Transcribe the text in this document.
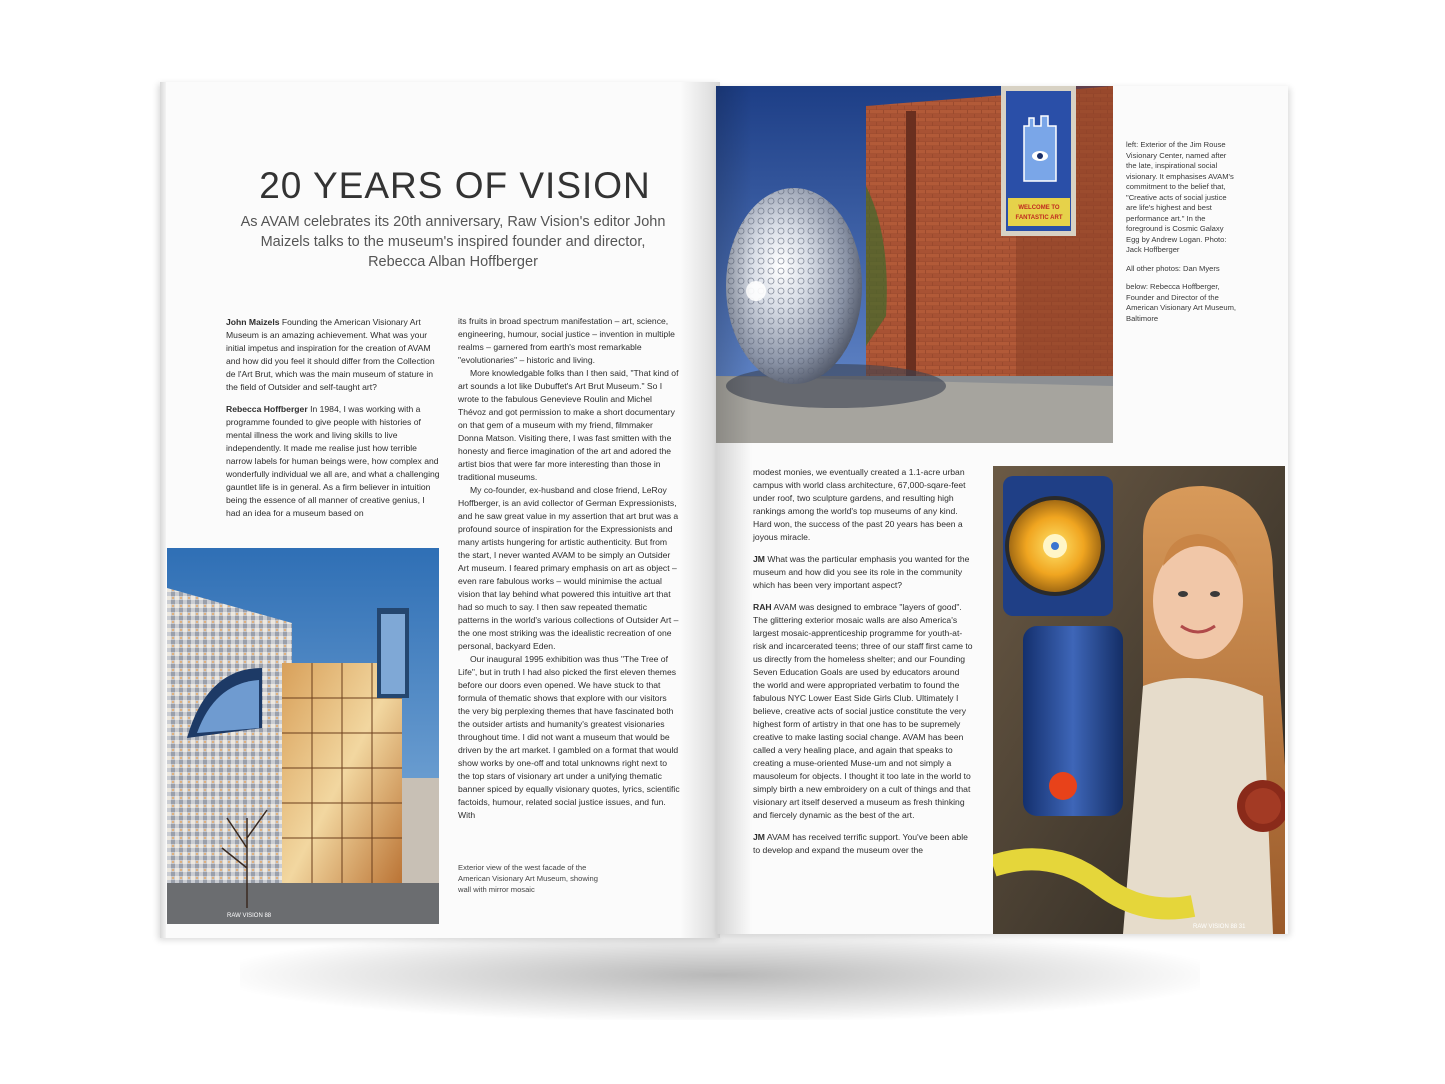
20 YEARS OF VISION
As AVAM celebrates its 20th anniversary, Raw Vision's editor John Maizels talks to the museum's inspired founder and director, Rebecca Alban Hoffberger

John Maizels Founding the American Visionary Art Museum is an amazing achievement. What was your initial impetus and inspiration for the creation of AVAM and how did you feel it should differ from the Collection de l'Art Brut, which was the main museum of stature in the field of Outsider and self-taught art?

Rebecca Hoffberger In 1984, I was working with a programme founded to give people with histories of mental illness the work and living skills to live independently. It made me realise just how terrible narrow labels for human beings were, how complex and wonderfully individual we all are, and what a challenging gauntlet life is in general. As a firm believer in intuition being the essence of all manner of creative genius, I had an idea for a museum based on

its fruits in broad spectrum manifestation – art, science, engineering, humour, social justice – invention in multiple realms – garnered from earth's most remarkable "evolutionaries" – historic and living.

More knowledgable folks than I then said, "That kind of art sounds a lot like Dubuffet's Art Brut Museum." So I wrote to the fabulous Genevieve Roulin and Michel Thévoz and got permission to make a short documentary on that gem of a museum with my friend, filmmaker Donna Matson. Visiting there, I was fast smitten with the honesty and fierce imagination of the art and adored the artist bios that were far more interesting than those in traditional museums.

My co-founder, ex-husband and close friend, LeRoy Hoffberger, is an avid collector of German Expressionists, and he saw great value in my assertion that art brut was a profound source of inspiration for the Expressionists and many artists hungering for artistic authenticity. But from the start, I never wanted AVAM to be simply an Outsider Art museum. I feared primary emphasis on art as object – even rare fabulous works – would minimise the actual vision that lay behind what powered this intuitive art that had so much to say. I then saw repeated thematic patterns in the world's various collections of Outsider Art – the one most striking was the idealistic recreation of one personal, backyard Eden.

Our inaugural 1995 exhibition was thus "The Tree of Life", but in truth I had also picked the first eleven themes before our doors even opened. We have stuck to that formula of thematic shows that explore with our visitors the very big perplexing themes that have fascinated both the outsider artists and humanity's greatest visionaries throughout time. I did not want a museum that would be driven by the art market. I gambled on a format that would show works by one-off and total unknowns right next to the top stars of visionary art under a unifying thematic banner spiced by equally visionary quotes, lyrics, scientific factoids, humour, related social justice issues, and fun. With

RAW VISION 88
Exterior view of the west facade of the American Visionary Art Museum, showing wall with mirror mosaic
WELCOME TO
FANTASTIC ART

left: Exterior of the Jim Rouse Visionary Center, named after the late, inspirational social visionary. It emphasises AVAM's commitment to the belief that, "Creative acts of social justice are life's highest and best performance art." In the foreground is Cosmic Galaxy Egg by Andrew Logan. Photo: Jack Hoffberger

All other photos: Dan Myers

below: Rebecca Hoffberger, Founder and Director of the American Visionary Art Museum, Baltimore

modest monies, we eventually created a 1.1-acre urban campus with world class architecture, 67,000-sqare-feet under roof, two sculpture gardens, and resulting high rankings among the world's top museums of any kind. Hard won, the success of the past 20 years has been a joyous miracle.

JM What was the particular emphasis you wanted for the museum and how did you see its role in the community which has been very important aspect?

RAH AVAM was designed to embrace "layers of good". The glittering exterior mosaic walls are also America's largest mosaic-apprenticeship programme for youth-at-risk and incarcerated teens; three of our staff first came to us directly from the homeless shelter; and our Founding Seven Education Goals are used by educators around the world and were appropriated verbatim to found the fabulous NYC Lower East Side Girls Club. Ultimately I believe, creative acts of social justice constitute the very highest form of artistry in that one has to be supremely creative to make lasting social change. AVAM has been called a very healing place, and again that speaks to creating a muse-oriented Muse-um and not simply a mausoleum for objects. I thought it too late in the world to simply birth a new embroidery on a cult of things and that visionary art itself deserved a museum as fresh thinking and fiercely dynamic as the best of the art.

JM AVAM has received terrific support. You've been able to develop and expand the museum over the

RAW VISION 88 31
